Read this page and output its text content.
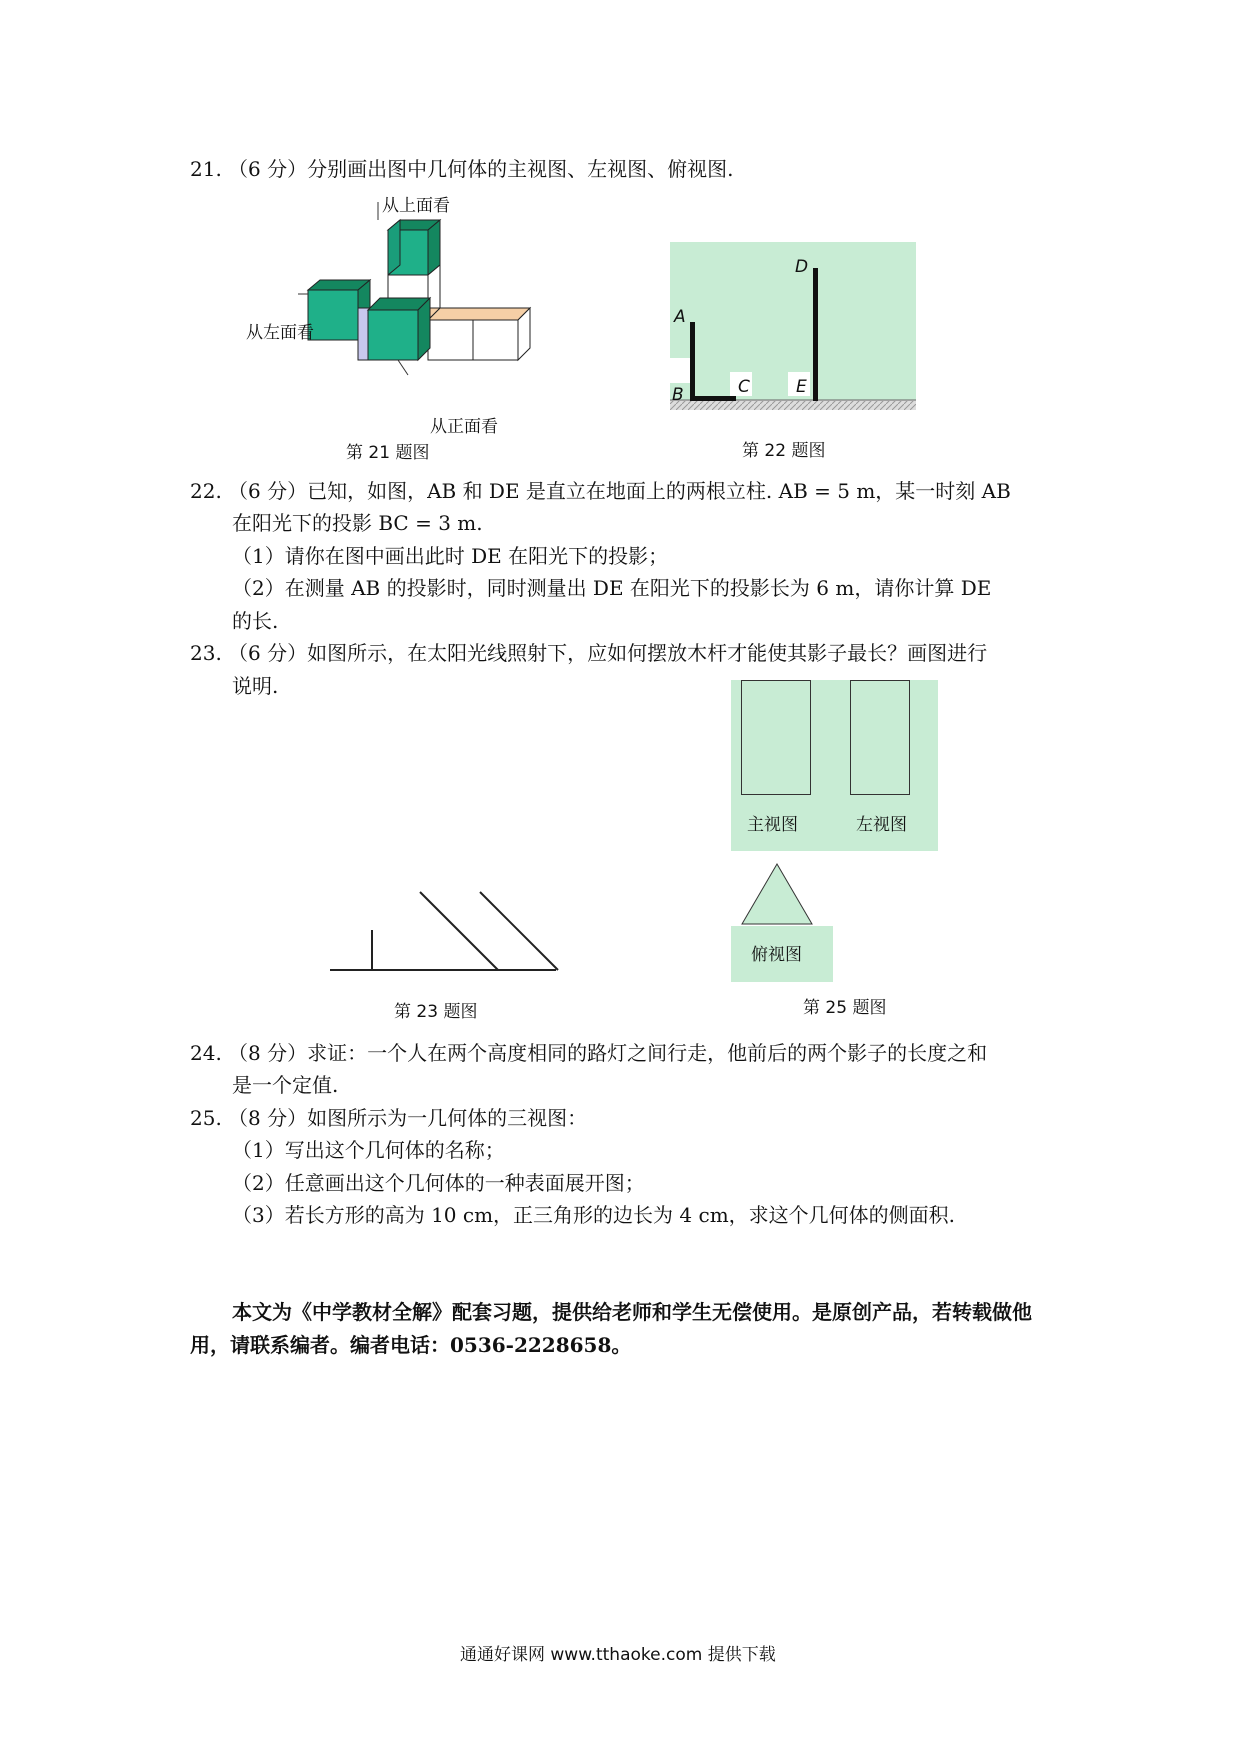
21. （6 分）分别画出图中几何体的主视图、左视图、俯视图.
从上面看
从左面看
从正面看
第 21 题图
A
B	C
D
E
第 22 题图
22. （6 分）已知，如图，AB 和 DE 是直立在地面上的两根立柱. AB = 5 m，某一时刻 AB
在阳光下的投影 BC = 3 m.
（1）请你在图中画出此时 DE 在阳光下的投影；
（2）在测量 AB 的投影时，同时测量出 DE 在阳光下的投影长为 6 m，请你计算 DE
的长.
23. （6 分）如图所示，在太阳光线照射下，应如何摆放木杆才能使其影子最长？画图进行
说明.
第 23 题图
主视图	左视图
俯视图
第 25 题图
24. （8 分）求证：一个人在两个高度相同的路灯之间行走，他前后的两个影子的长度之和
是一个定值.
25. （8 分）如图所示为一几何体的三视图：
（1）写出这个几何体的名称；
（2）任意画出这个几何体的一种表面展开图；
（3）若长方形的高为 10 cm，正三角形的边长为 4 cm，求这个几何体的侧面积.
本文为《中学教材全解》配套习题，提供给老师和学生无偿使用。是原创产品，若转载做他用，请联系编者。编者电话：0536-2228658。
通通好课网 www.tthaoke.com 提供下载
